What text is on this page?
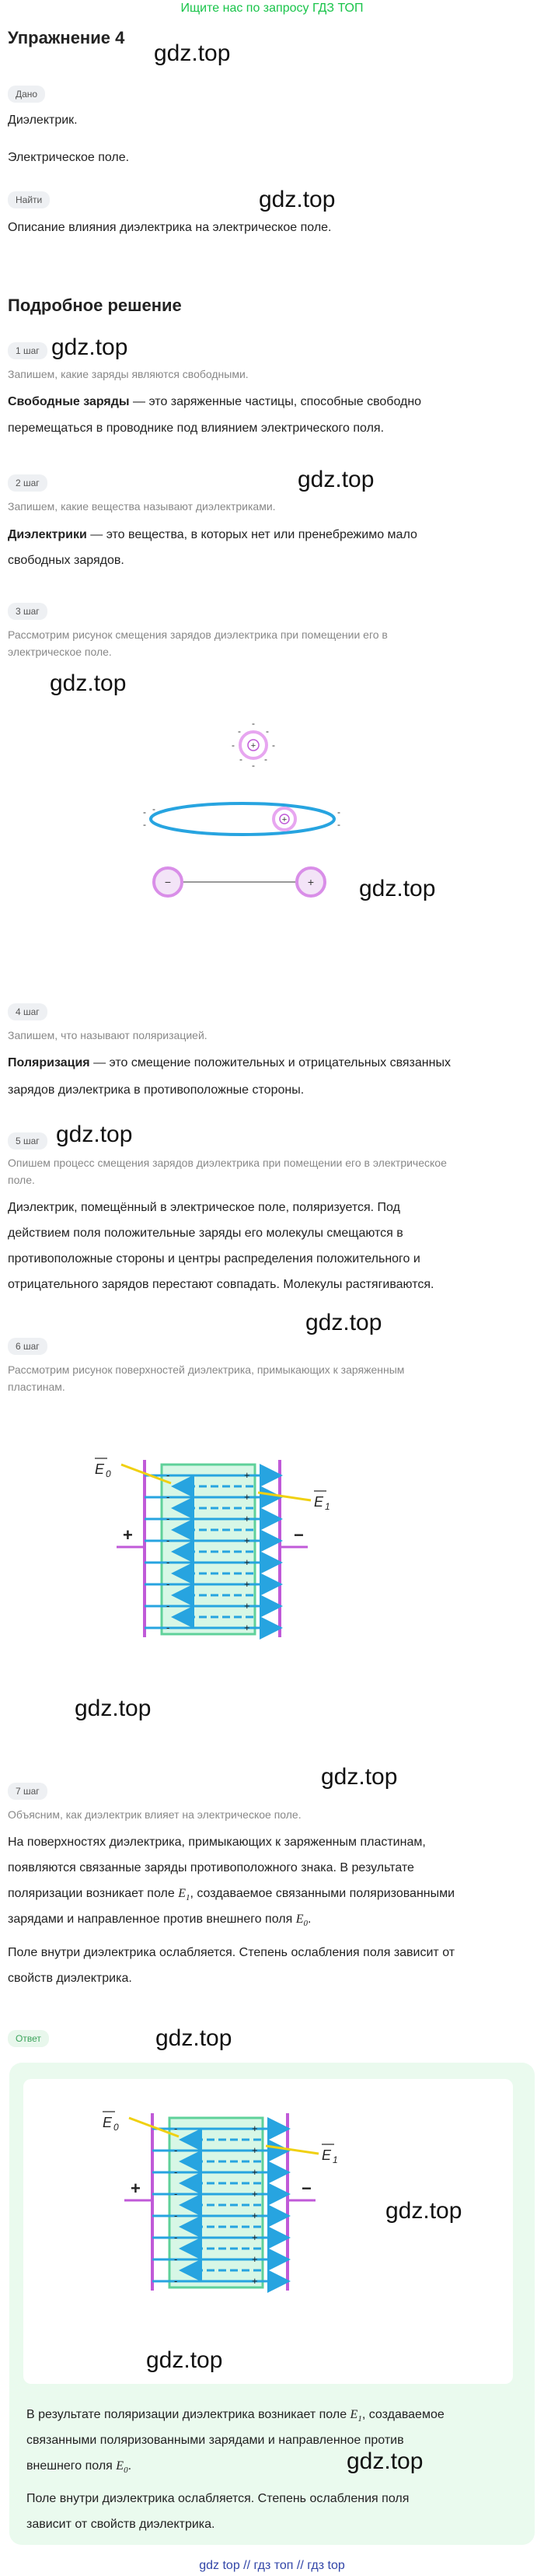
Ищите нас по запросу ГДЗ ТОП
Упражнение 4
gdz.top
Дано
Диэлектрик.
Электрическое поле.
gdz.top
Найти
Описание влияния диэлектрика на электрическое поле.
Подробное решение
1 шаг gdz.top
Запишем, какие заряды являются свободными.
Свободные заряды — это заряженные частицы, способные свободно
перемещаться в проводнике под влиянием электрического поля.
gdz.top
2 шаг
Запишем, какие вещества называют диэлектриками.
Диэлектрики — это вещества, в которых нет или пренебрежимо мало
свободных зарядов.
3 шаг
Рассмотрим рисунок смещения зарядов диэлектрика при помещении его в
электрическое поле.
gdz.top
+
-
-
-	-
-	-
- -
+
-
-
-	-
-
−	+ gdz.top
4 шаг
Запишем, что называют поляризацией.
Поляризация — это смещение положительных и отрицательных связанных
зарядов диэлектрика в противоположные стороны.
5 шаг gdz.top
Опишем процесс смещения зарядов диэлектрика при помещении его в электрическое
поле.
Диэлектрик, помещённый в электрическое поле, поляризуется. Под
действием поля положительные заряды его молекулы смещаются в
противоположные стороны и центры распределения положительного и
отрицательного зарядов перестают совпадать. Молекулы растягиваются.
gdz.top
6 шаг
Рассмотрим рисунок поверхностей диэлектрика, примыкающих к заряженным
пластинам.
+	−
-	+
-	+
-	+
-	+
-	+
-	+
-	+
-	+
E 0
E 1
gdz.top
gdz.top
7 шаг
Объясним, как диэлектрик влияет на электрическое поле.
На поверхностях диэлектрика, примыкающих к заряженным пластинам,
появляются связанные заряды противоположного знака. В результате
поляризации возникает поле $E_1$, создаваемое связанными поляризованными
зарядами и направленное против внешнего поля $E_0$.
Поле внутри диэлектрика ослабляется. Степень ослабления поля зависит от
свойств диэлектрика.
Ответ	gdz.top
+	−
-	+
-	+
-	+
-	+
-	+
-	+
-	+
-	+
E 0
E 1
gdz.top
gdz.top
В результате поляризации диэлектрика возникает поле $E_1$, создаваемое
связанными поляризованными зарядами и направленное против
внешнего поля $E_0$.	gdz.top
Поле внутри диэлектрика ослабляется. Степень ослабления поля
зависит от свойств диэлектрика.
gdz top // гдз топ // гдз top
